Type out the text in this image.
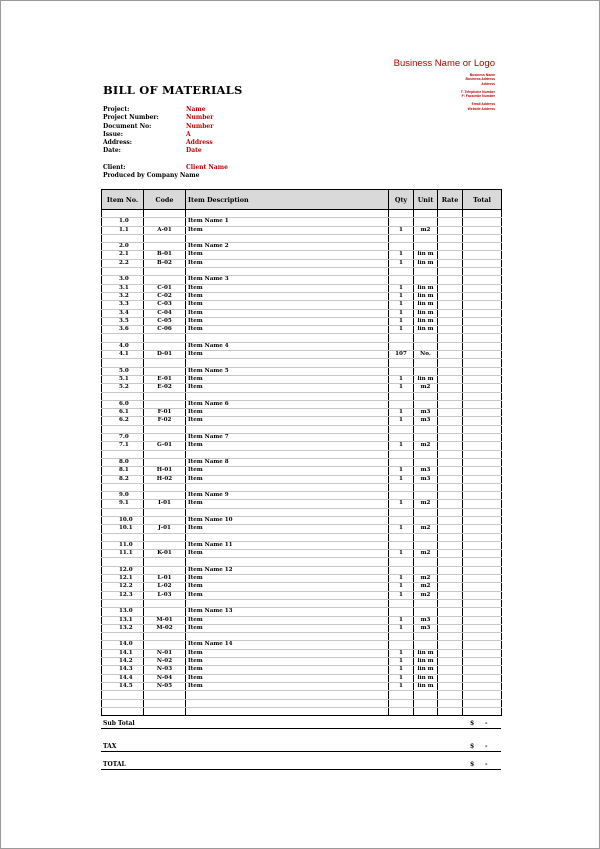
Business Name or Logo
Business Name
Business Address
Address
T: Telephone Number
F: Facsimile Number
Email Address
Website Address
BILL OF MATERIALS
Project:	Name
Project Number:	Number
Document No:	Number
Issue:	A
Address:	Address
Date:	Date
Client:	Client Name
Produced by Company Name
Item No.	Code	Item Description	Qty	Unit	Rate	Total

1.0		Item Name 1				
1.1	A-01	Item	1	m2		

2.0		Item Name 2				
2.1	B-01	Item	1	lin m		
2.2	B-02	Item	1	lin m		

3.0		Item Name 3				
3.1	C-01	Item	1	lin m		
3.2	C-02	Item	1	lin m		
3.3	C-03	Item	1	lin m		
3.4	C-04	Item	1	lin m		
3.5	C-05	Item	1	lin m		
3.6	C-06	Item	1	lin m		

4.0		Item Name 4				
4.1	D-01	Item	107	No.		

5.0		Item Name 5				
5.1	E-01	Item	1	lin m		
5.2	E-02	Item	1	m2		

6.0		Item Name 6				
6.1	F-01	Item	1	m3		
6.2	F-02	Item	1	m3		

7.0		Item Name 7				
7.1	G-01	Item	1	m2		

8.0		Item Name 8				
8.1	H-01	Item	1	m3		
8.2	H-02	Item	1	m3		

9.0		Item Name 9				
9.1	I-01	Item	1	m2		

10.0		Item Name 10				
10.1	J-01	Item	1	m2		

11.0		Item Name 11				
11.1	K-01	Item	1	m2		

12.0		Item Name 12				
12.1	L-01	Item	1	m2		
12.2	L-02	Item	1	m2		
12.3	L-03	Item	1	m2		

13.0		Item Name 13				
13.1	M-01	Item	1	m3		
13.2	M-02	Item	1	m3		

14.0		Item Name 14				
14.1	N-01	Item	1	lin m		
14.2	N-02	Item	1	lin m		
14.3	N-03	Item	1	lin m		
14.4	N-04	Item	1	lin m		
14.5	N-05	Item	1	lin m		

Sub Total	$ -
TAX	$ -
TOTAL	$ -
